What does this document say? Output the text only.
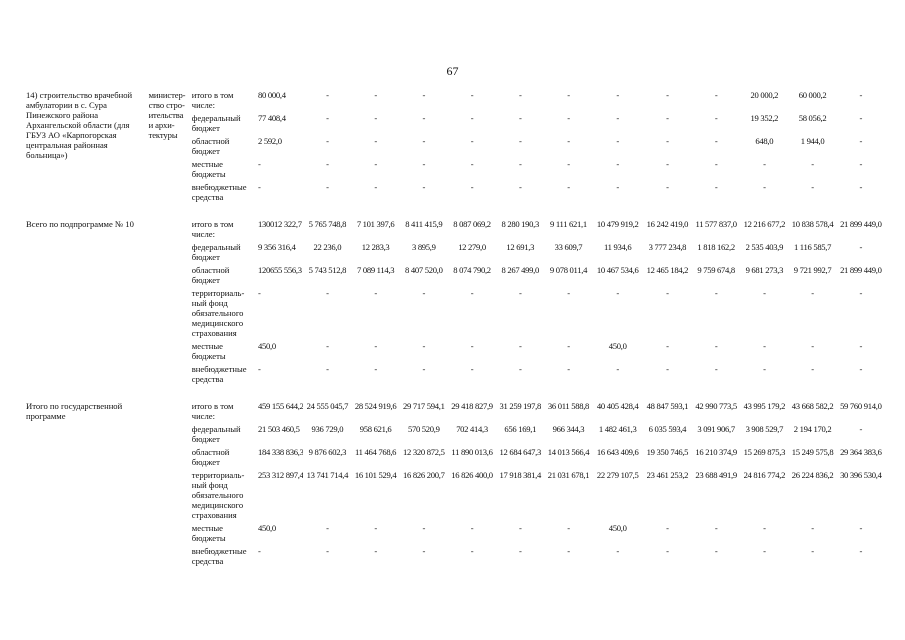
67
14) строительство врачебной амбулатории в с. Сура Пинежского района Архангельской области (для ГБУЗ АО «Карпогорская центральная районная больница»)	министер-ство стро-ительства и архи-тектуры	итого в том числе:	80 000,4	-	-	-	-	-	-	-	-	-	20 000,2	60 000,2	-
		федеральный бюджет	77 408,4	-	-	-	-	-	-	-	-	-	19 352,2	58 056,2	-
		областной бюджет	2 592,0	-	-	-	-	-	-	-	-	-	648,0	1 944,0	-
		местные бюджеты	-	-	-	-	-	-	-	-	-	-	-	-	-
		внебюджетные средства	-	-	-	-	-	-	-	-	-	-	-	-	-

Всего по подпрограмме № 10		итого в том числе:	130012 322,7	5 765 748,8	7 101 397,6	8 411 415,9	8 087 069,2	8 280 190,3	9 111 621,1	10 479 919,2	16 242 419,0	11 577 837,0	12 216 677,2	10 838 578,4	21 899 449,0
		федеральный бюджет	9 356 316,4	22 236,0	12 283,3	3 895,9	12 279,0	12 691,3	33 609,7	11 934,6	3 777 234,8	1 818 162,2	2 535 403,9	1 116 585,7	-
		областной бюджет	120655 556,3	5 743 512,8	7 089 114,3	8 407 520,0	8 074 790,2	8 267 499,0	9 078 011,4	10 467 534,6	12 465 184,2	9 759 674,8	9 681 273,3	9 721 992,7	21 899 449,0
		территориаль-ный фонд обязательного медицинского страхования	-	-	-	-	-	-	-	-	-	-	-	-	-
		местные бюджеты	450,0	-	-	-	-	-	-	450,0	-	-	-	-	-
		внебюджетные средства	-	-	-	-	-	-	-	-	-	-	-	-	-

Итого по государственной программе		итого в том числе:	459 155 644,2	24 555 045,7	28 524 919,6	29 717 594,1	29 418 827,9	31 259 197,8	36 011 588,8	40 405 428,4	48 847 593,1	42 990 773,5	43 995 179,2	43 668 582,2	59 760 914,0
		федеральный бюджет	21 503 460,5	936 729,0	958 621,6	570 520,9	702 414,3	656 169,1	966 344,3	1 482 461,3	6 035 593,4	3 091 906,7	3 908 529,7	2 194 170,2	-
		областной бюджет	184 338 836,3	9 876 602,3	11 464 768,6	12 320 872,5	11 890 013,6	12 684 647,3	14 013 566,4	16 643 409,6	19 350 746,5	16 210 374,9	15 269 875,3	15 249 575,8	29 364 383,6
		территориаль-ный фонд обязательного медицинского страхования	253 312 897,4	13 741 714,4	16 101 529,4	16 826 200,7	16 826 400,0	17 918 381,4	21 031 678,1	22 279 107,5	23 461 253,2	23 688 491,9	24 816 774,2	26 224 836,2	30 396 530,4
		местные бюджеты	450,0	-	-	-	-	-	-	450,0	-	-	-	-	-
		внебюджетные средства	-	-	-	-	-	-	-	-	-	-	-	-	-
